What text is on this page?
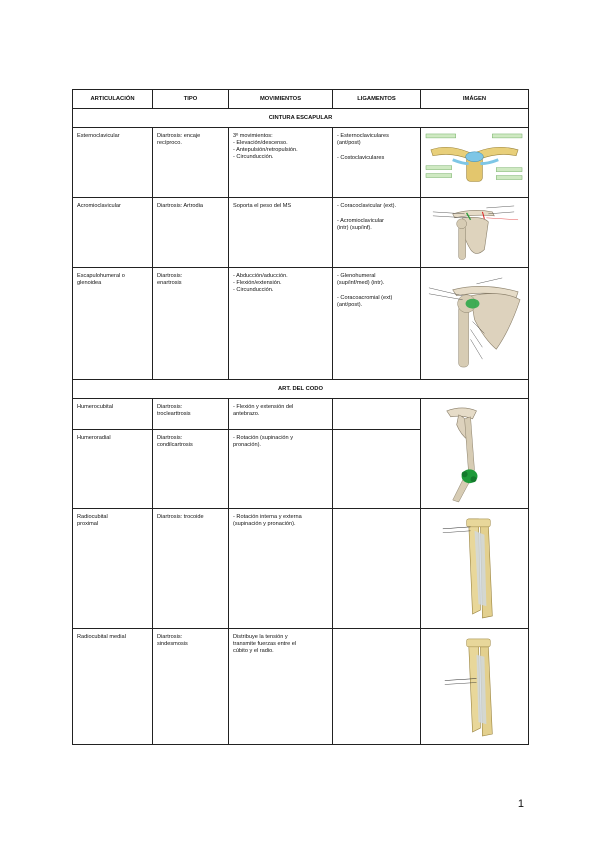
ARTICULACIÓN	TIPO	MOVIMIENTOS	LIGAMENTOS	IMÁGEN
CINTURA ESCAPULAR				
Esternoclavicular	Diartrosis: encaje
recíproco.	3º movimientos:
- Elevación/descenso.
- Antepulsión/retropulsión.
- Circunducción.	- Esternoclaviculares
(ant/post)
- Costoclaviculares

Acromioclavicular	Diartrosis: Artrodia	Soporta el peso del MS	- Coracoclavicular (ext).
- Acromioclavicular
(intr) (sup/inf).

Escapulohumeral o
glenoidea	Diartrosis:
enartrosis	- Abducción/aducción.
- Flexión/extensión.
- Circunducción.	- Glenohumeral
(sup/inf/med) (intr).
- Coracoacromial (ext)
(ant/post).

ART. DEL CODO				
Humerocubital	Diartrosis:
troclearttrosis	- Flexión y extensión del
antebrazo.

Humeroradial	Diartrosis:
condilcartrosis	- Rotación (supinación y
pronación).		

Radiocubital
proximal	Diartrosis: trocoide	- Rotación interna y externa
(supinación y pronación).

Radiocubital medial	Diartrosis:
sindesmosis	Distribuye la tensión y
transmite fuerzas entre el
cúbito y el radio.

1
